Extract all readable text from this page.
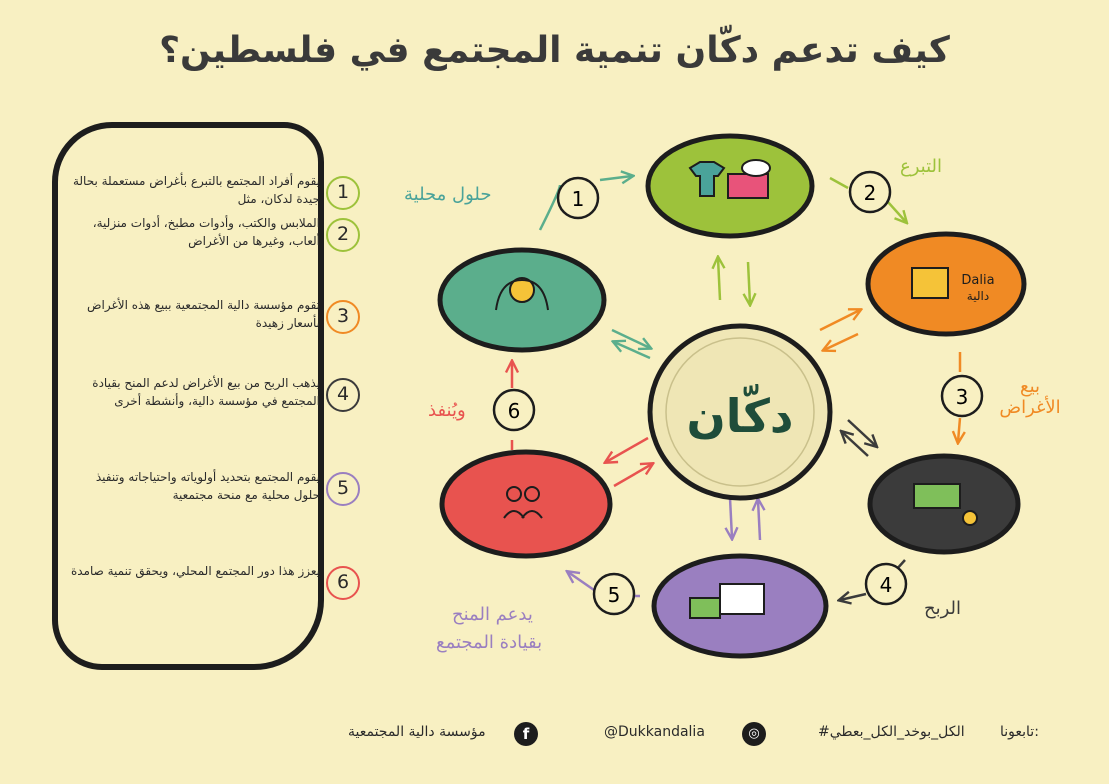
كيف تدعم دكّان تنمية المجتمع في فلسطين؟
1
يقوم أفراد المجتمع بالتبرع بأغراض مستعملة بحالة جيدة لدكان، مثل
2
الملابس والكتب، وأدوات مطبخ، أدوات منزلية، ألعاب، وغيرها من الأغراض
3
تقوم مؤسسة دالية المجتمعية ببيع هذه الأغراض بأسعار زهيدة
4
يذهب الربح من بيع الأغراض لدعم المنح بقيادة المجتمع في مؤسسة دالية، وأنشطة أخرى
5
يقوم المجتمع بتحديد أولوياته واحتياجاته وتنفيذ حلول محلية مع منحة مجتمعية
6
يعزز هذا دور المجتمع المحلي، ويحقق تنمية صامدة
دكّان
Dalia
دالية
1	2
3
4
5
6
حلول محلية
التبرع
بيع الأغراض
الربح
يدعم المنح
بقيادة المجتمع
ويُنفذ
تابعونا:
#الكل_بوخد_الكل_بعطي
◎
@Dukkandalia
f
مؤسسة دالية المجتمعية
